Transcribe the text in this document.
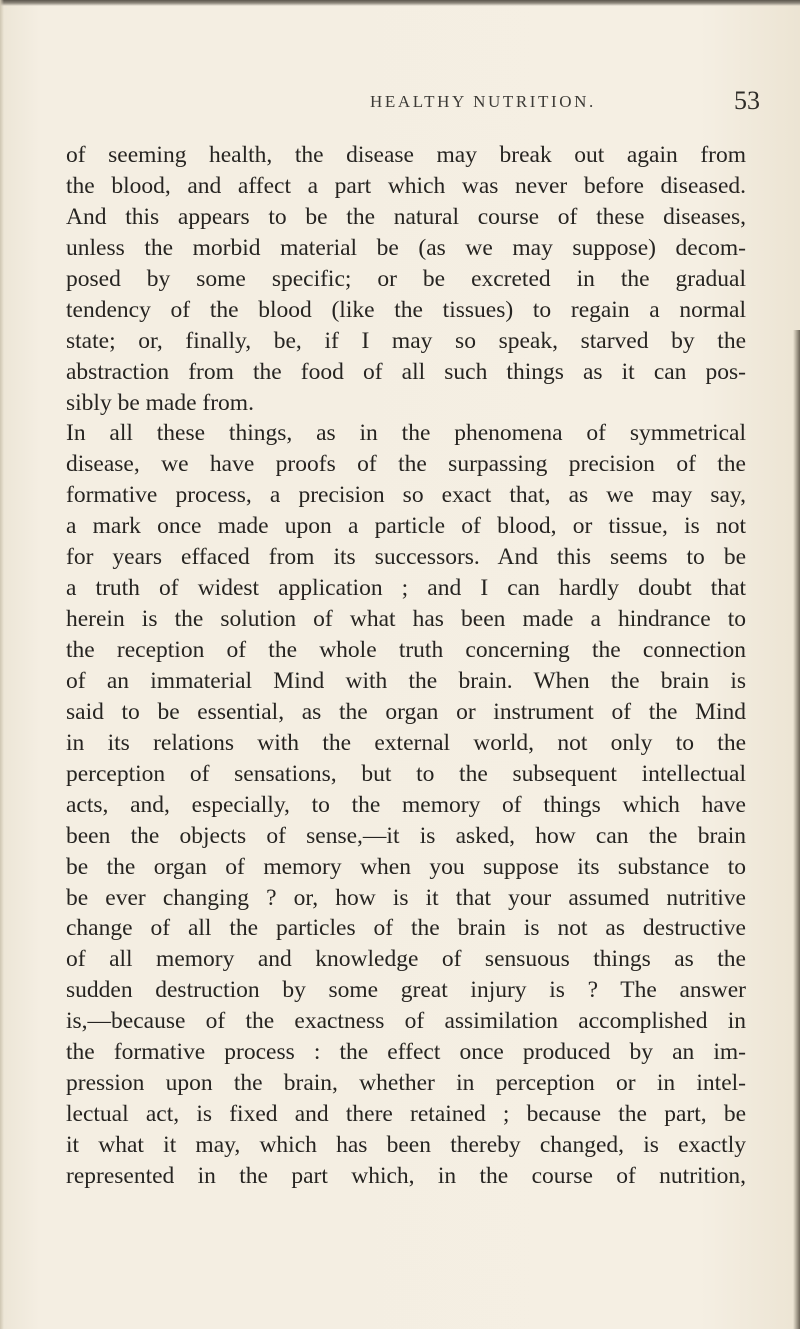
HEALTHY NUTRITION.	53
of seeming health, the disease may break out again from
the blood, and affect a part which was never before diseased.
And this appears to be the natural course of these diseases,
unless the morbid material be (as we may suppose) decom-
posed by some specific; or be excreted in the gradual
tendency of the blood (like the tissues) to regain a normal
state; or, finally, be, if I may so speak, starved by the
abstraction from the food of all such things as it can pos-
sibly be made from.
In all these things, as in the phenomena of symmetrical
disease, we have proofs of the surpassing precision of the
formative process, a precision so exact that, as we may say,
a mark once made upon a particle of blood, or tissue, is not
for years effaced from its successors. And this seems to be
a truth of widest application ; and I can hardly doubt that
herein is the solution of what has been made a hindrance to
the reception of the whole truth concerning the connection
of an immaterial Mind with the brain. When the brain is
said to be essential, as the organ or instrument of the Mind
in its relations with the external world, not only to the
perception of sensations, but to the subsequent intellectual
acts, and, especially, to the memory of things which have
been the objects of sense,—it is asked, how can the brain
be the organ of memory when you suppose its substance to
be ever changing ? or, how is it that your assumed nutritive
change of all the particles of the brain is not as destructive
of all memory and knowledge of sensuous things as the
sudden destruction by some great injury is ? The answer
is,—because of the exactness of assimilation accomplished in
the formative process : the effect once produced by an im-
pression upon the brain, whether in perception or in intel-
lectual act, is fixed and there retained ; because the part, be
it what it may, which has been thereby changed, is exactly
represented in the part which, in the course of nutrition,
